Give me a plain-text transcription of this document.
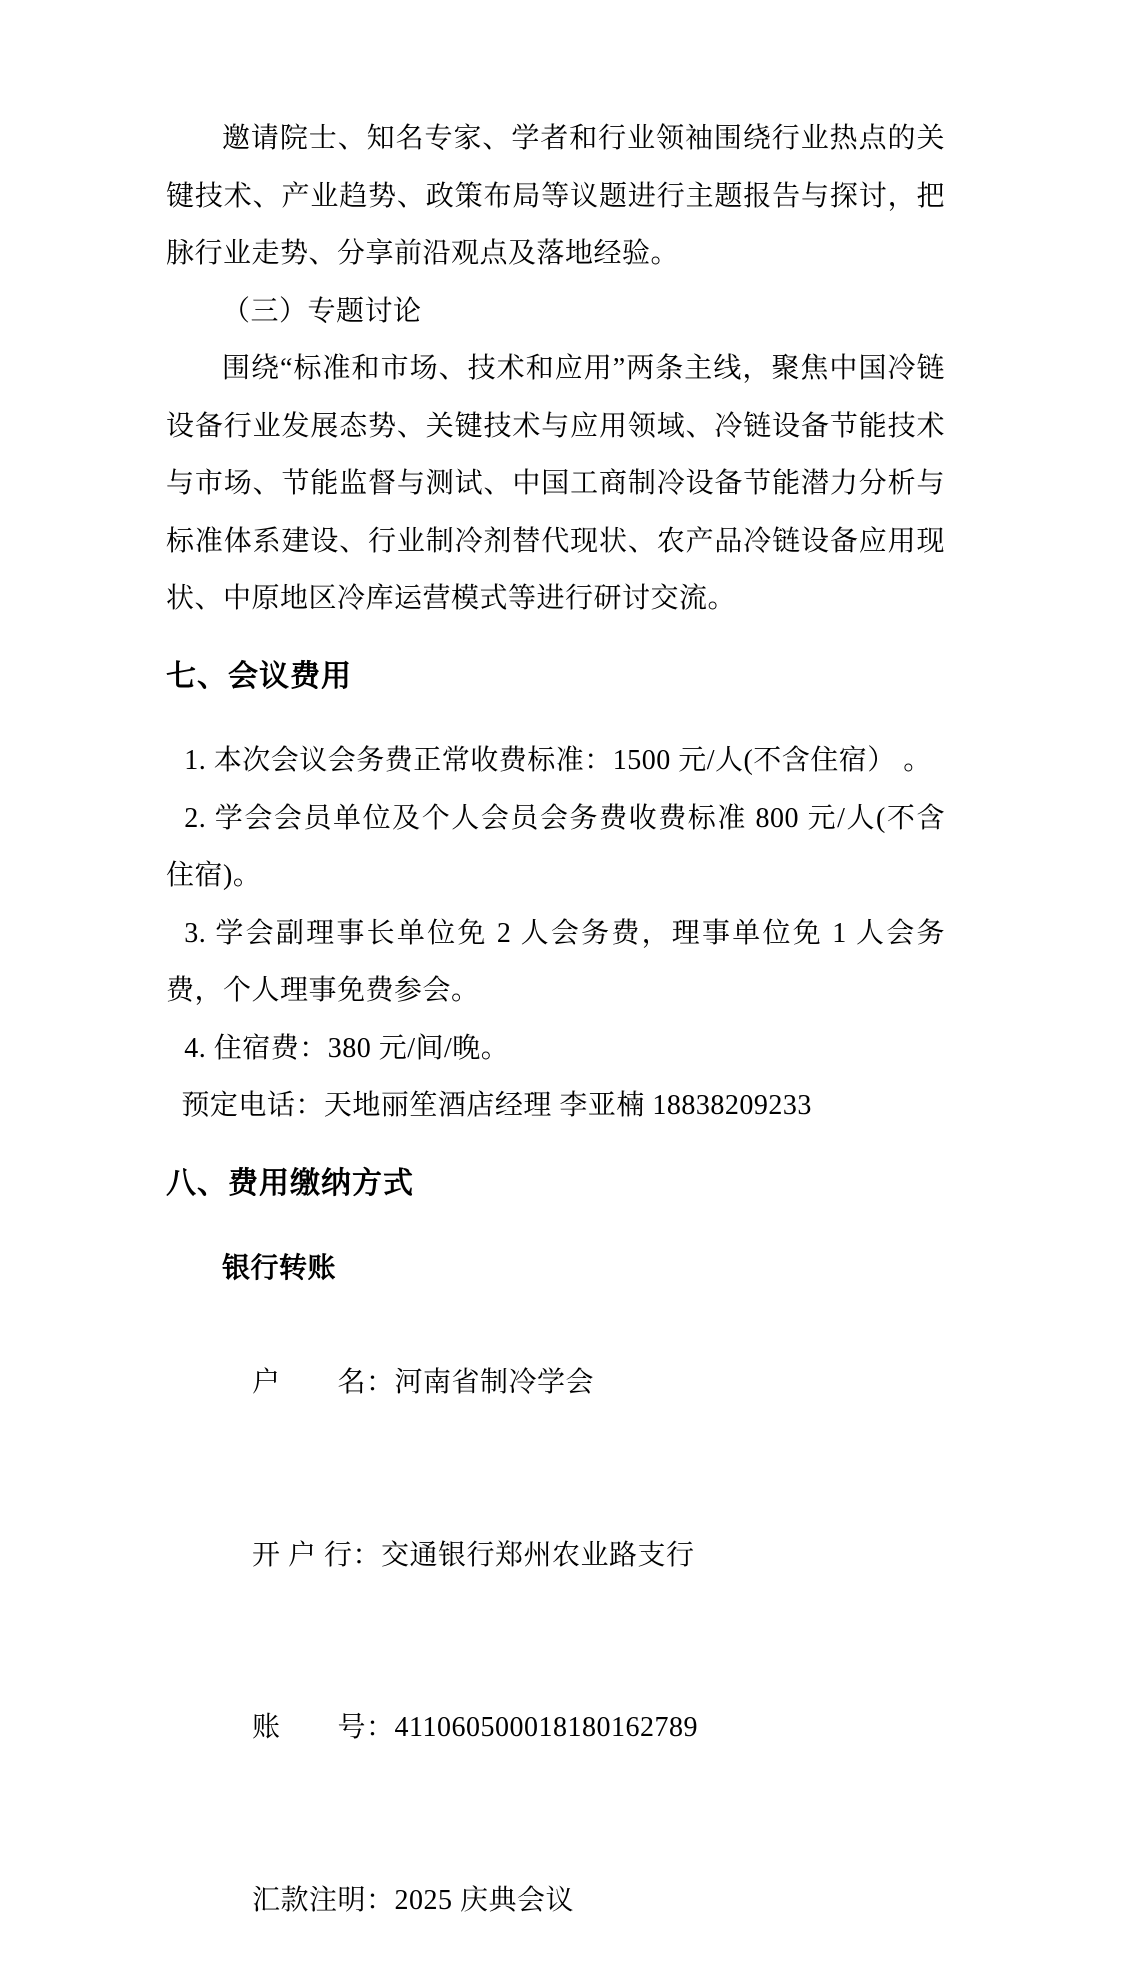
邀请院士、知名专家、学者和行业领袖围绕行业热点的关键技术、产业趋势、政策布局等议题进行主题报告与探讨，把脉行业走势、分享前沿观点及落地经验。

（三）专题讨论

围绕“标准和市场、技术和应用”两条主线，聚焦中国冷链设备行业发展态势、关键技术与应用领域、冷链设备节能技术与市场、节能监督与测试、中国工商制冷设备节能潜力分析与标准体系建设、行业制冷剂替代现状、农产品冷链设备应用现状、中原地区冷库运营模式等进行研讨交流。

七、会议费用

1. 本次会议会务费正常收费标准：1500 元/人(不含住宿） 。

2. 学会会员单位及个人会员会务费收费标准 800 元/人(不含住宿)。

3. 学会副理事长单位免 2 人会务费，理事单位免 1 人会务费，个人理事免费参会。

4. 住宿费：380 元/间/晚。

预定电话：天地丽笙酒店经理 李亚楠 18838209233

八、费用缴纳方式

银行转账

户　　名：河南省制冷学会

开 户 行：交通银行郑州农业路支行

账　　号：411060500018180162789

汇款注明：2025 庆典会议
